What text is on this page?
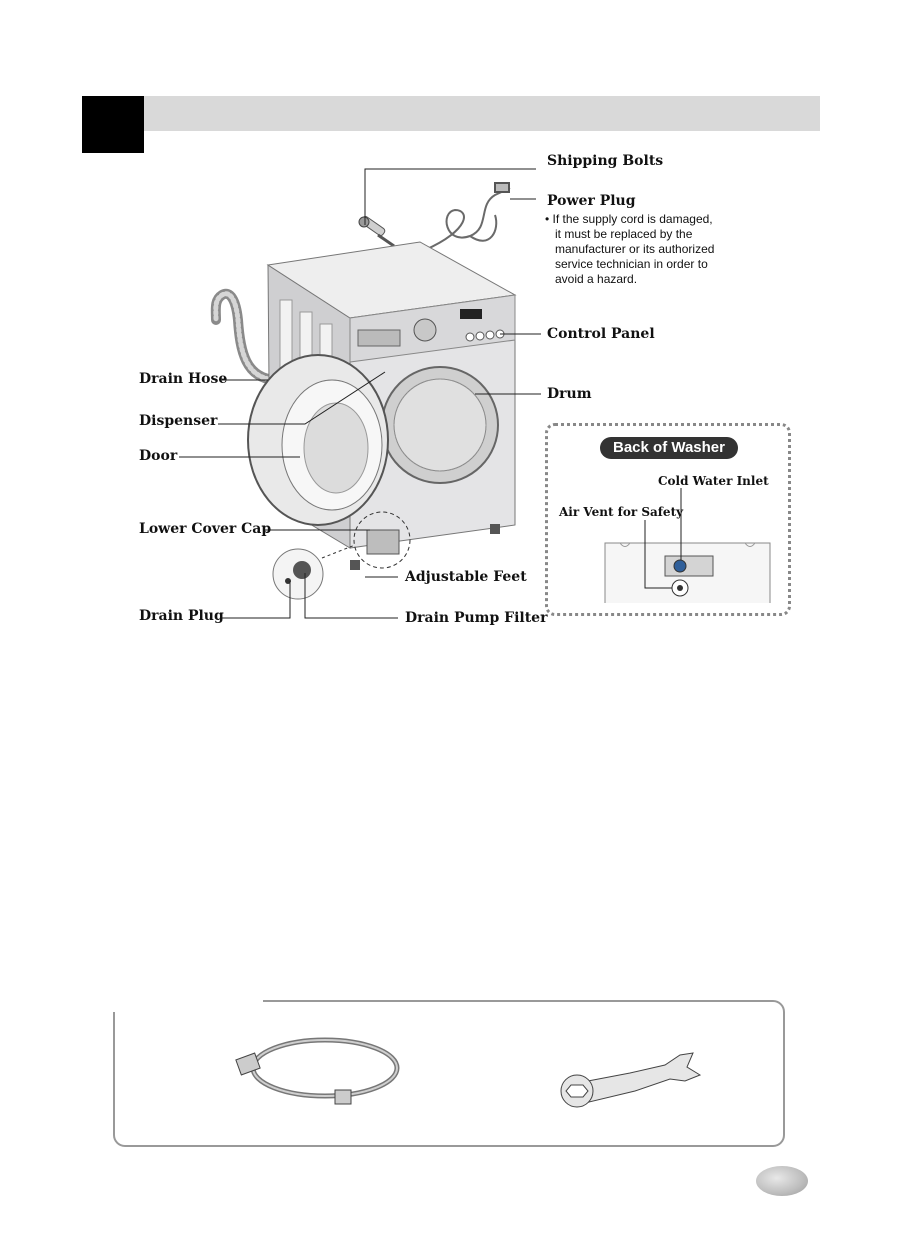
Shipping Bolts
Power Plug
• If the supply cord is damaged,
it must be replaced by the
manufacturer or its authorized
service technician in order to
avoid a hazard.
Control Panel
Drum
Drain Hose
Dispenser
Door
Lower Cover Cap
Adjustable Feet
Drain Plug	Drain Pump Filter
Back of Washer
Cold Water Inlet
Air Vent for Safety
